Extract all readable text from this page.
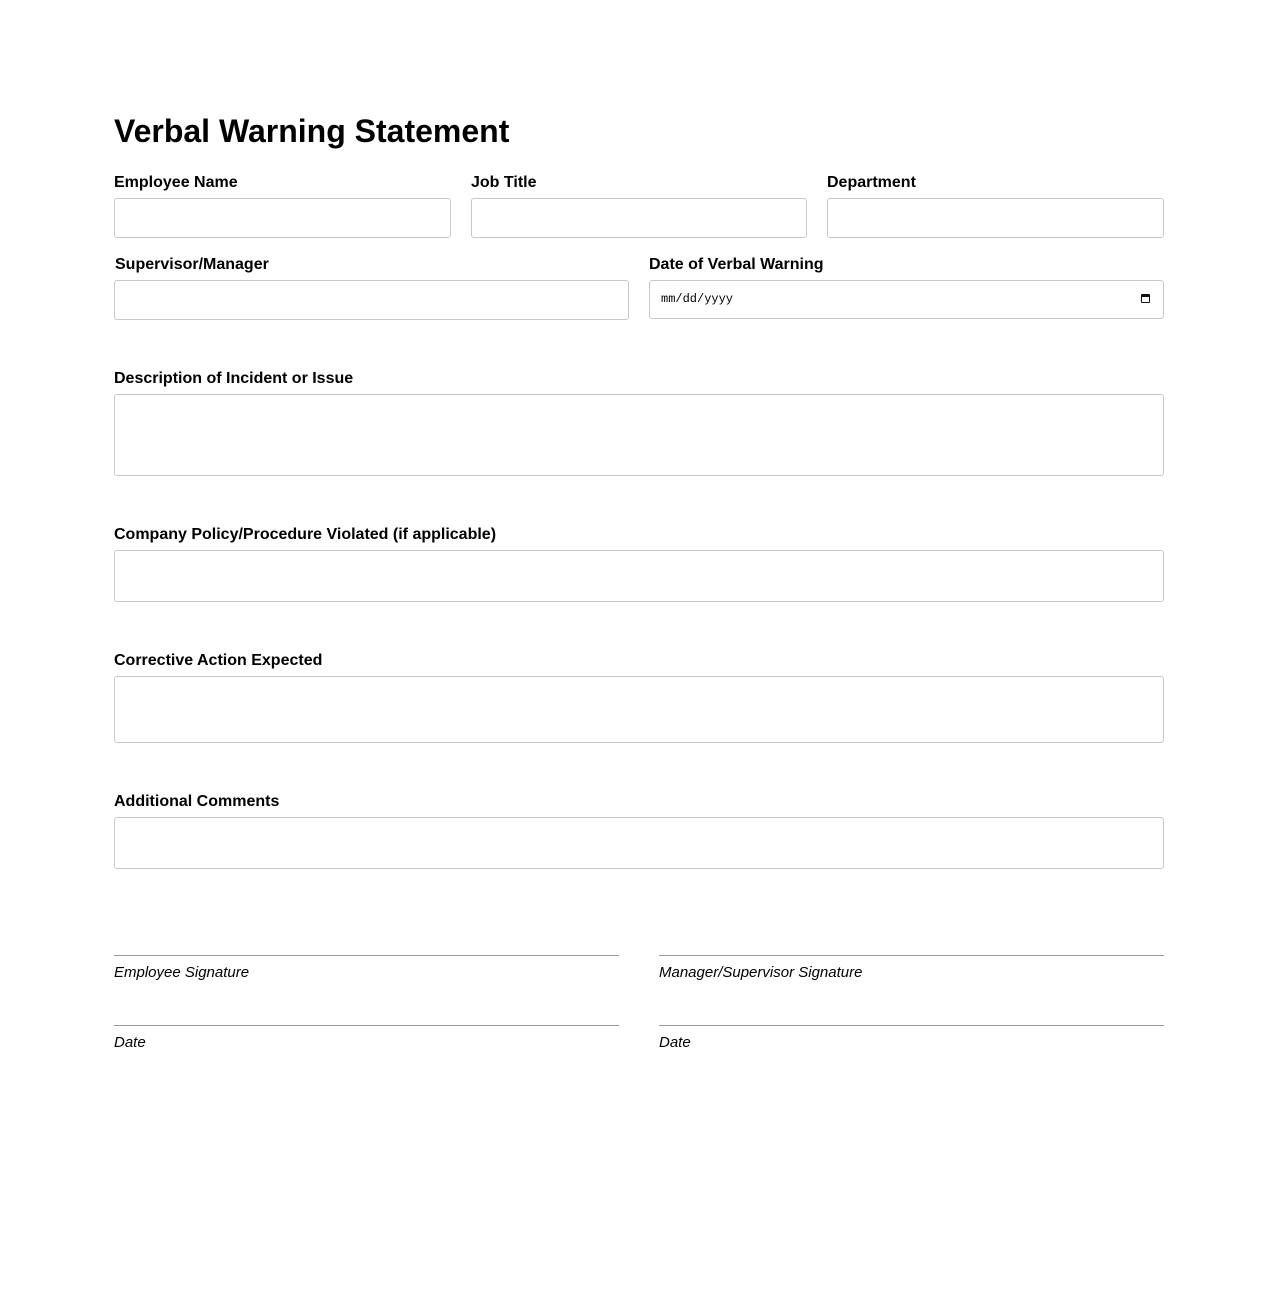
Verbal Warning Statement
Employee Name	Job Title	Department
Supervisor/Manager	Date of Verbal Warning
mm/dd/yyyy
Description of Incident or Issue
Company Policy/Procedure Violated (if applicable)
Corrective Action Expected
Additional Comments
Employee Signature	Manager/Supervisor Signature
Date	Date
